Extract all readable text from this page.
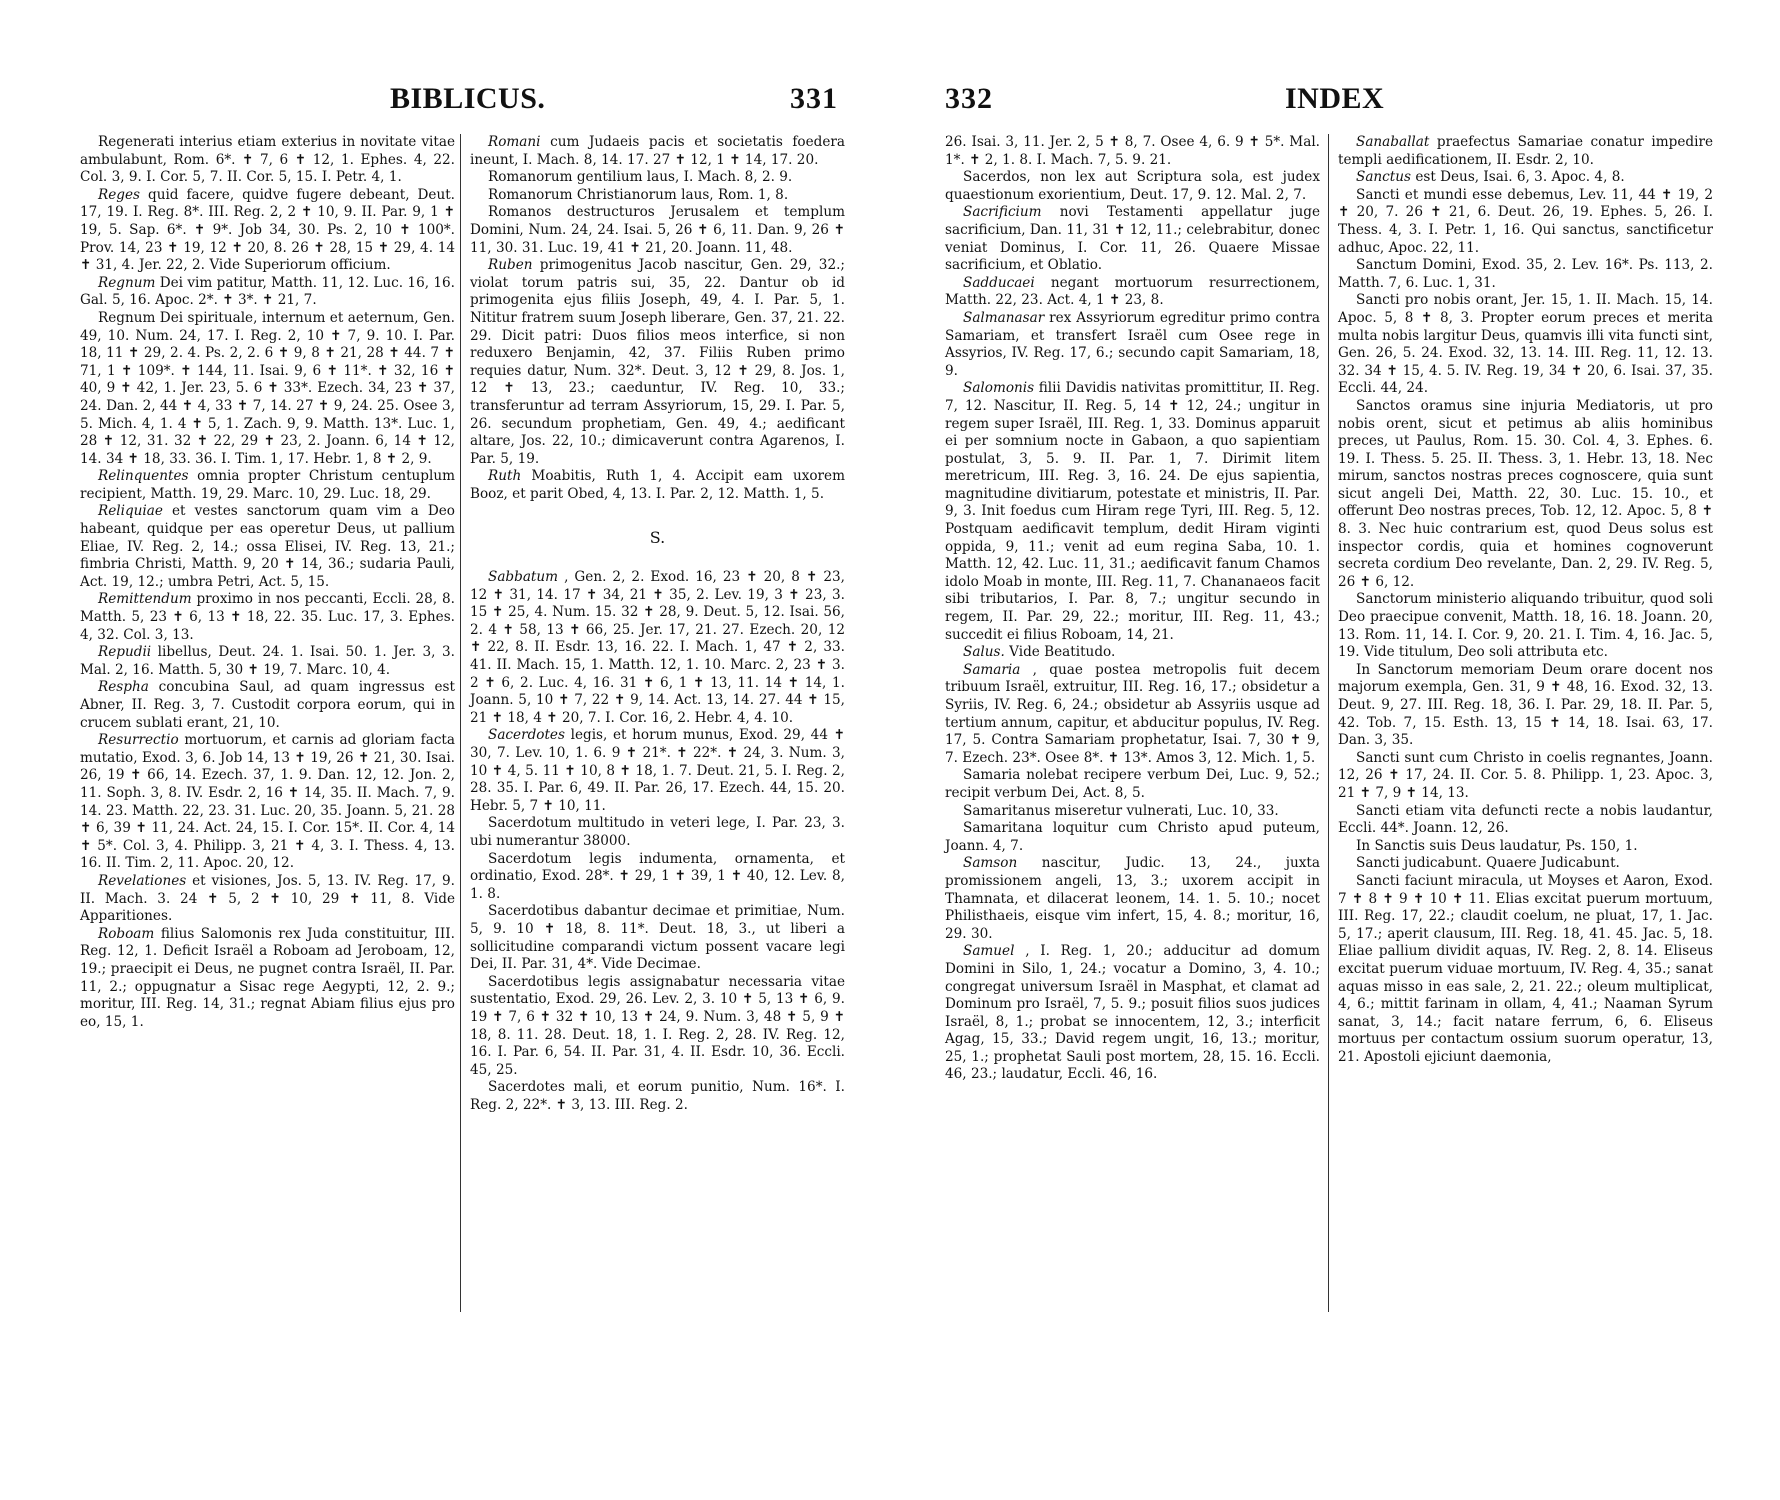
BIBLICUS.	331

Regenerati interius etiam exterius in novitate vitae ambulabunt, Rom. 6*. ✝ 7, 6 ✝ 12, 1. Ephes. 4, 22. Col. 3, 9. I. Cor. 5, 7. II. Cor. 5, 15. I. Petr. 4, 1.

Reges quid facere, quidve fugere debeant, Deut. 17, 19. I. Reg. 8*. III. Reg. 2, 2 ✝ 10, 9. II. Par. 9, 1 ✝ 19, 5. Sap. 6*. ✝ 9*. Job 34, 30. Ps. 2, 10 ✝ 100*. Prov. 14, 23 ✝ 19, 12 ✝ 20, 8. 26 ✝ 28, 15 ✝ 29, 4. 14 ✝ 31, 4. Jer. 22, 2. Vide Superiorum officium.

Regnum Dei vim patitur, Matth. 11, 12. Luc. 16, 16. Gal. 5, 16. Apoc. 2*. ✝ 3*. ✝ 21, 7.

Regnum Dei spirituale, internum et aeternum, Gen. 49, 10. Num. 24, 17. I. Reg. 2, 10 ✝ 7, 9. 10. I. Par. 18, 11 ✝ 29, 2. 4. Ps. 2, 2. 6 ✝ 9, 8 ✝ 21, 28 ✝ 44. 7 ✝ 71, 1 ✝ 109*. ✝ 144, 11. Isai. 9, 6 ✝ 11*. ✝ 32, 16 ✝ 40, 9 ✝ 42, 1. Jer. 23, 5. 6 ✝ 33*. Ezech. 34, 23 ✝ 37, 24. Dan. 2, 44 ✝ 4, 33 ✝ 7, 14. 27 ✝ 9, 24. 25. Osee 3, 5. Mich. 4, 1. 4 ✝ 5, 1. Zach. 9, 9. Matth. 13*. Luc. 1, 28 ✝ 12, 31. 32 ✝ 22, 29 ✝ 23, 2. Joann. 6, 14 ✝ 12, 14. 34 ✝ 18, 33. 36. I. Tim. 1, 17. Hebr. 1, 8 ✝ 2, 9.

Relinquentes omnia propter Christum centuplum recipient, Matth. 19, 29. Marc. 10, 29. Luc. 18, 29.

Reliquiae et vestes sanctorum quam vim a Deo habeant, quidque per eas operetur Deus, ut pallium Eliae, IV. Reg. 2, 14.; ossa Elisei, IV. Reg. 13, 21.; fimbria Christi, Matth. 9, 20 ✝ 14, 36.; sudaria Pauli, Act. 19, 12.; umbra Petri, Act. 5, 15.

Remittendum proximo in nos peccanti, Eccli. 28, 8. Matth. 5, 23 ✝ 6, 13 ✝ 18, 22. 35. Luc. 17, 3. Ephes. 4, 32. Col. 3, 13.

Repudii libellus, Deut. 24. 1. Isai. 50. 1. Jer. 3, 3. Mal. 2, 16. Matth. 5, 30 ✝ 19, 7. Marc. 10, 4.

Respha concubina Saul, ad quam ingressus est Abner, II. Reg. 3, 7. Custodit corpora eorum, qui in crucem sublati erant, 21, 10.

Resurrectio mortuorum, et carnis ad gloriam facta mutatio, Exod. 3, 6. Job 14, 13 ✝ 19, 26 ✝ 21, 30. Isai. 26, 19 ✝ 66, 14. Ezech. 37, 1. 9. Dan. 12, 12. Jon. 2, 11. Soph. 3, 8. IV. Esdr. 2, 16 ✝ 14, 35. II. Mach. 7, 9. 14. 23. Matth. 22, 23. 31. Luc. 20, 35. Joann. 5, 21. 28 ✝ 6, 39 ✝ 11, 24. Act. 24, 15. I. Cor. 15*. II. Cor. 4, 14 ✝ 5*. Col. 3, 4. Philipp. 3, 21 ✝ 4, 3. I. Thess. 4, 13. 16. II. Tim. 2, 11. Apoc. 20, 12.

Revelationes et visiones, Jos. 5, 13. IV. Reg. 17, 9. II. Mach. 3. 24 ✝ 5, 2 ✝ 10, 29 ✝ 11, 8. Vide Apparitiones.

Roboam filius Salomonis rex Juda constituitur, III. Reg. 12, 1. Deficit Israël a Roboam ad Jeroboam, 12, 19.; praecipit ei Deus, ne pugnet contra Israël, II. Par. 11, 2.; oppugnatur a Sisac rege Aegypti, 12, 2. 9.; moritur, III. Reg. 14, 31.; regnat Abiam filius ejus pro eo, 15, 1.

Romani cum Judaeis pacis et societatis foedera ineunt, I. Mach. 8, 14. 17. 27 ✝ 12, 1 ✝ 14, 17. 20.

Romanorum gentilium laus, I. Mach. 8, 2. 9.

Romanorum Christianorum laus, Rom. 1, 8.

Romanos destructuros Jerusalem et templum Domini, Num. 24, 24. Isai. 5, 26 ✝ 6, 11. Dan. 9, 26 ✝ 11, 30. 31. Luc. 19, 41 ✝ 21, 20. Joann. 11, 48.

Ruben primogenitus Jacob nascitur, Gen. 29, 32.; violat torum patris sui, 35, 22. Dantur ob id primogenita ejus filiis Joseph, 49, 4. I. Par. 5, 1. Nititur fratrem suum Joseph liberare, Gen. 37, 21. 22. 29. Dicit patri: Duos filios meos interfice, si non reduxero Benjamin, 42, 37. Filiis Ruben primo requies datur, Num. 32*. Deut. 3, 12 ✝ 29, 8. Jos. 1, 12 ✝ 13, 23.; caeduntur, IV. Reg. 10, 33.; transferuntur ad terram Assyriorum, 15, 29. I. Par. 5, 26. secundum prophetiam, Gen. 49, 4.; aedificant altare, Jos. 22, 10.; dimicaverunt contra Agarenos, I. Par. 5, 19.

Ruth Moabitis, Ruth 1, 4. Accipit eam uxorem Booz, et parit Obed, 4, 13. I. Par. 2, 12. Matth. 1, 5.

S.

Sabbatum , Gen. 2, 2. Exod. 16, 23 ✝ 20, 8 ✝ 23, 12 ✝ 31, 14. 17 ✝ 34, 21 ✝ 35, 2. Lev. 19, 3 ✝ 23, 3. 15 ✝ 25, 4. Num. 15. 32 ✝ 28, 9. Deut. 5, 12. Isai. 56, 2. 4 ✝ 58, 13 ✝ 66, 25. Jer. 17, 21. 27. Ezech. 20, 12 ✝ 22, 8. II. Esdr. 13, 16. 22. I. Mach. 1, 47 ✝ 2, 33. 41. II. Mach. 15, 1. Matth. 12, 1. 10. Marc. 2, 23 ✝ 3. 2 ✝ 6, 2. Luc. 4, 16. 31 ✝ 6, 1 ✝ 13, 11. 14 ✝ 14, 1. Joann. 5, 10 ✝ 7, 22 ✝ 9, 14. Act. 13, 14. 27. 44 ✝ 15, 21 ✝ 18, 4 ✝ 20, 7. I. Cor. 16, 2. Hebr. 4, 4. 10.

Sacerdotes legis, et horum munus, Exod. 29, 44 ✝ 30, 7. Lev. 10, 1. 6. 9 ✝ 21*. ✝ 22*. ✝ 24, 3. Num. 3, 10 ✝ 4, 5. 11 ✝ 10, 8 ✝ 18, 1. 7. Deut. 21, 5. I. Reg. 2, 28. 35. I. Par. 6, 49. II. Par. 26, 17. Ezech. 44, 15. 20. Hebr. 5, 7 ✝ 10, 11.

Sacerdotum multitudo in veteri lege, I. Par. 23, 3. ubi numerantur 38000.

Sacerdotum legis indumenta, ornamenta, et ordinatio, Exod. 28*. ✝ 29, 1 ✝ 39, 1 ✝ 40, 12. Lev. 8, 1. 8.

Sacerdotibus dabantur decimae et primitiae, Num. 5, 9. 10 ✝ 18, 8. 11*. Deut. 18, 3., ut liberi a sollicitudine comparandi victum possent vacare legi Dei, II. Par. 31, 4*. Vide Decimae.

Sacerdotibus legis assignabatur necessaria vitae sustentatio, Exod. 29, 26. Lev. 2, 3. 10 ✝ 5, 13 ✝ 6, 9. 19 ✝ 7, 6 ✝ 32 ✝ 10, 13 ✝ 24, 9. Num. 3, 48 ✝ 5, 9 ✝ 18, 8. 11. 28. Deut. 18, 1. I. Reg. 2, 28. IV. Reg. 12, 16. I. Par. 6, 54. II. Par. 31, 4. II. Esdr. 10, 36. Eccli. 45, 25.

Sacerdotes mali, et eorum punitio, Num. 16*. I. Reg. 2, 22*. ✝ 3, 13. III. Reg. 2.

332	INDEX

26. Isai. 3, 11. Jer. 2, 5 ✝ 8, 7. Osee 4, 6. 9 ✝ 5*. Mal. 1*. ✝ 2, 1. 8. I. Mach. 7, 5. 9. 21.

Sacerdos, non lex aut Scriptura sola, est judex quaestionum exorientium, Deut. 17, 9. 12. Mal. 2, 7.

Sacrificium novi Testamenti appellatur juge sacrificium, Dan. 11, 31 ✝ 12, 11.; celebrabitur, donec veniat Dominus, I. Cor. 11, 26. Quaere Missae sacrificium, et Oblatio.

Sadducaei negant mortuorum resurrectionem, Matth. 22, 23. Act. 4, 1 ✝ 23, 8.

Salmanasar rex Assyriorum egreditur primo contra Samariam, et transfert Israël cum Osee rege in Assyrios, IV. Reg. 17, 6.; secundo capit Samariam, 18, 9.

Salomonis filii Davidis nativitas promittitur, II. Reg. 7, 12. Nascitur, II. Reg. 5, 14 ✝ 12, 24.; ungitur in regem super Israël, III. Reg. 1, 33. Dominus apparuit ei per somnium nocte in Gabaon, a quo sapientiam postulat, 3, 5. 9. II. Par. 1, 7. Dirimit litem meretricum, III. Reg. 3, 16. 24. De ejus sapientia, magnitudine divitiarum, potestate et ministris, II. Par. 9, 3. Init foedus cum Hiram rege Tyri, III. Reg. 5, 12. Postquam aedificavit templum, dedit Hiram viginti oppida, 9, 11.; venit ad eum regina Saba, 10. 1. Matth. 12, 42. Luc. 11, 31.; aedificavit fanum Chamos idolo Moab in monte, III. Reg. 11, 7. Chananaeos facit sibi tributarios, I. Par. 8, 7.; ungitur secundo in regem, II. Par. 29, 22.; moritur, III. Reg. 11, 43.; succedit ei filius Roboam, 14, 21.

Salus. Vide Beatitudo.

Samaria , quae postea metropolis fuit decem tribuum Israël, extruitur, III. Reg. 16, 17.; obsidetur a Syriis, IV. Reg. 6, 24.; obsidetur ab Assyriis usque ad tertium annum, capitur, et abducitur populus, IV. Reg. 17, 5. Contra Samariam prophetatur, Isai. 7, 30 ✝ 9, 7. Ezech. 23*. Osee 8*. ✝ 13*. Amos 3, 12. Mich. 1, 5.

Samaria nolebat recipere verbum Dei, Luc. 9, 52.; recipit verbum Dei, Act. 8, 5.

Samaritanus miseretur vulnerati, Luc. 10, 33.

Samaritana loquitur cum Christo apud puteum, Joann. 4, 7.

Samson nascitur, Judic. 13, 24., juxta promissionem angeli, 13, 3.; uxorem accipit in Thamnata, et dilacerat leonem, 14. 1. 5. 10.; nocet Philisthaeis, eisque vim infert, 15, 4. 8.; moritur, 16, 29. 30.

Samuel , I. Reg. 1, 20.; adducitur ad domum Domini in Silo, 1, 24.; vocatur a Domino, 3, 4. 10.; congregat universum Israël in Masphat, et clamat ad Dominum pro Israël, 7, 5. 9.; posuit filios suos judices Israël, 8, 1.; probat se innocentem, 12, 3.; interficit Agag, 15, 33.; David regem ungit, 16, 13.; moritur, 25, 1.; prophetat Sauli post mortem, 28, 15. 16. Eccli. 46, 23.; laudatur, Eccli. 46, 16.

Sanaballat praefectus Samariae conatur impedire templi aedificationem, II. Esdr. 2, 10.

Sanctus est Deus, Isai. 6, 3. Apoc. 4, 8.

Sancti et mundi esse debemus, Lev. 11, 44 ✝ 19, 2 ✝ 20, 7. 26 ✝ 21, 6. Deut. 26, 19. Ephes. 5, 26. I. Thess. 4, 3. I. Petr. 1, 16. Qui sanctus, sanctificetur adhuc, Apoc. 22, 11.

Sanctum Domini, Exod. 35, 2. Lev. 16*. Ps. 113, 2. Matth. 7, 6. Luc. 1, 31.

Sancti pro nobis orant, Jer. 15, 1. II. Mach. 15, 14. Apoc. 5, 8 ✝ 8, 3. Propter eorum preces et merita multa nobis largitur Deus, quamvis illi vita functi sint, Gen. 26, 5. 24. Exod. 32, 13. 14. III. Reg. 11, 12. 13. 32. 34 ✝ 15, 4. 5. IV. Reg. 19, 34 ✝ 20, 6. Isai. 37, 35. Eccli. 44, 24.

Sanctos oramus sine injuria Mediatoris, ut pro nobis orent, sicut et petimus ab aliis hominibus preces, ut Paulus, Rom. 15. 30. Col. 4, 3. Ephes. 6. 19. I. Thess. 5. 25. II. Thess. 3, 1. Hebr. 13, 18. Nec mirum, sanctos nostras preces cognoscere, quia sunt sicut angeli Dei, Matth. 22, 30. Luc. 15. 10., et offerunt Deo nostras preces, Tob. 12, 12. Apoc. 5, 8 ✝ 8. 3. Nec huic contrarium est, quod Deus solus est inspector cordis, quia et homines cognoverunt secreta cordium Deo revelante, Dan. 2, 29. IV. Reg. 5, 26 ✝ 6, 12.

Sanctorum ministerio aliquando tribuitur, quod soli Deo praecipue convenit, Matth. 18, 16. 18. Joann. 20, 13. Rom. 11, 14. I. Cor. 9, 20. 21. I. Tim. 4, 16. Jac. 5, 19. Vide titulum, Deo soli attributa etc.

In Sanctorum memoriam Deum orare docent nos majorum exempla, Gen. 31, 9 ✝ 48, 16. Exod. 32, 13. Deut. 9, 27. III. Reg. 18, 36. I. Par. 29, 18. II. Par. 5, 42. Tob. 7, 15. Esth. 13, 15 ✝ 14, 18. Isai. 63, 17. Dan. 3, 35.

Sancti sunt cum Christo in coelis regnantes, Joann. 12, 26 ✝ 17, 24. II. Cor. 5. 8. Philipp. 1, 23. Apoc. 3, 21 ✝ 7, 9 ✝ 14, 13.

Sancti etiam vita defuncti recte a nobis laudantur, Eccli. 44*. Joann. 12, 26.

In Sanctis suis Deus laudatur, Ps. 150, 1.

Sancti judicabunt. Quaere Judicabunt.

Sancti faciunt miracula, ut Moyses et Aaron, Exod. 7 ✝ 8 ✝ 9 ✝ 10 ✝ 11. Elias excitat puerum mortuum, III. Reg. 17, 22.; claudit coelum, ne pluat, 17, 1. Jac. 5, 17.; aperit clausum, III. Reg. 18, 41. 45. Jac. 5, 18. Eliae pallium dividit aquas, IV. Reg. 2, 8. 14. Eliseus excitat puerum viduae mortuum, IV. Reg. 4, 35.; sanat aquas misso in eas sale, 2, 21. 22.; oleum multiplicat, 4, 6.; mittit farinam in ollam, 4, 41.; Naaman Syrum sanat, 3, 14.; facit natare ferrum, 6, 6. Eliseus mortuus per contactum ossium suorum operatur, 13, 21. Apostoli ejiciunt daemonia,
